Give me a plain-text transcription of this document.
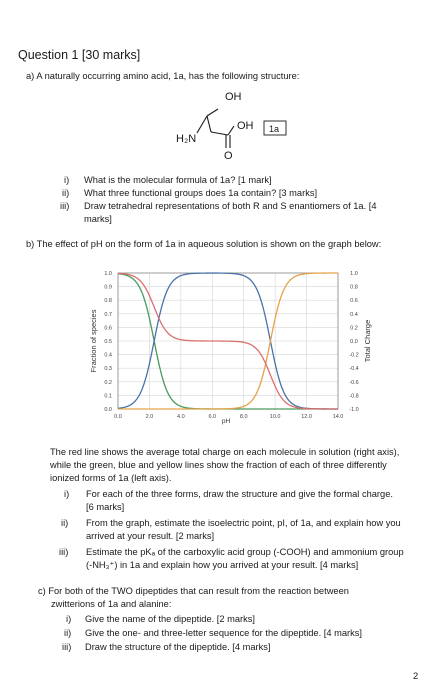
Question 1 [30 marks]
a) A naturally occurring amino acid, 1a, has the following structure:
OH
OH
H₂N
O
1a
i) What is the molecular formula of 1a? [1 mark]
ii) What three functional groups does 1a contain? [3 marks]
iii) Draw tetrahedral representations of both R and S enantiomers of 1a. [4
marks]
b) The effect of pH on the form of 1a in aqueous solution is shown on the graph below:
0.0
0.1
0.2
0.3
0.4
0.5
0.6
0.7
0.8
0.9
1.0
-1.0
-0.8
-0.6
-0.4
-0.2
0.0
0.2
0.4
0.6
0.8
1.0
0.0	2.0	4.0	6.0	8.0	10.0	12.0	14.0
Fraction of species	Total Charge
pH
The red line shows the average total charge on each molecule in solution (right axis),
while the green, blue and yellow lines show the fraction of each of three differently
ionized forms of 1a (left axis).
i) For each of the three forms, draw the structure and give the formal charge.
[6 marks]
ii) From the graph, estimate the isoelectric point, pI, of 1a, and explain how you
arrived at your result. [2 marks]
iii) Estimate the pKₐ of the carboxylic acid group (-COOH) and ammonium group
(-NH₃⁺) in 1a and explain how you arrived at your result. [4 marks]
c) For both of the TWO dipeptides that can result from the reaction between
zwitterions of 1a and alanine:
i) Give the name of the dipeptide. [2 marks]
ii) Give the one- and three-letter sequence for the dipeptide. [4 marks]
iii) Draw the structure of the dipeptide. [4 marks]
2
